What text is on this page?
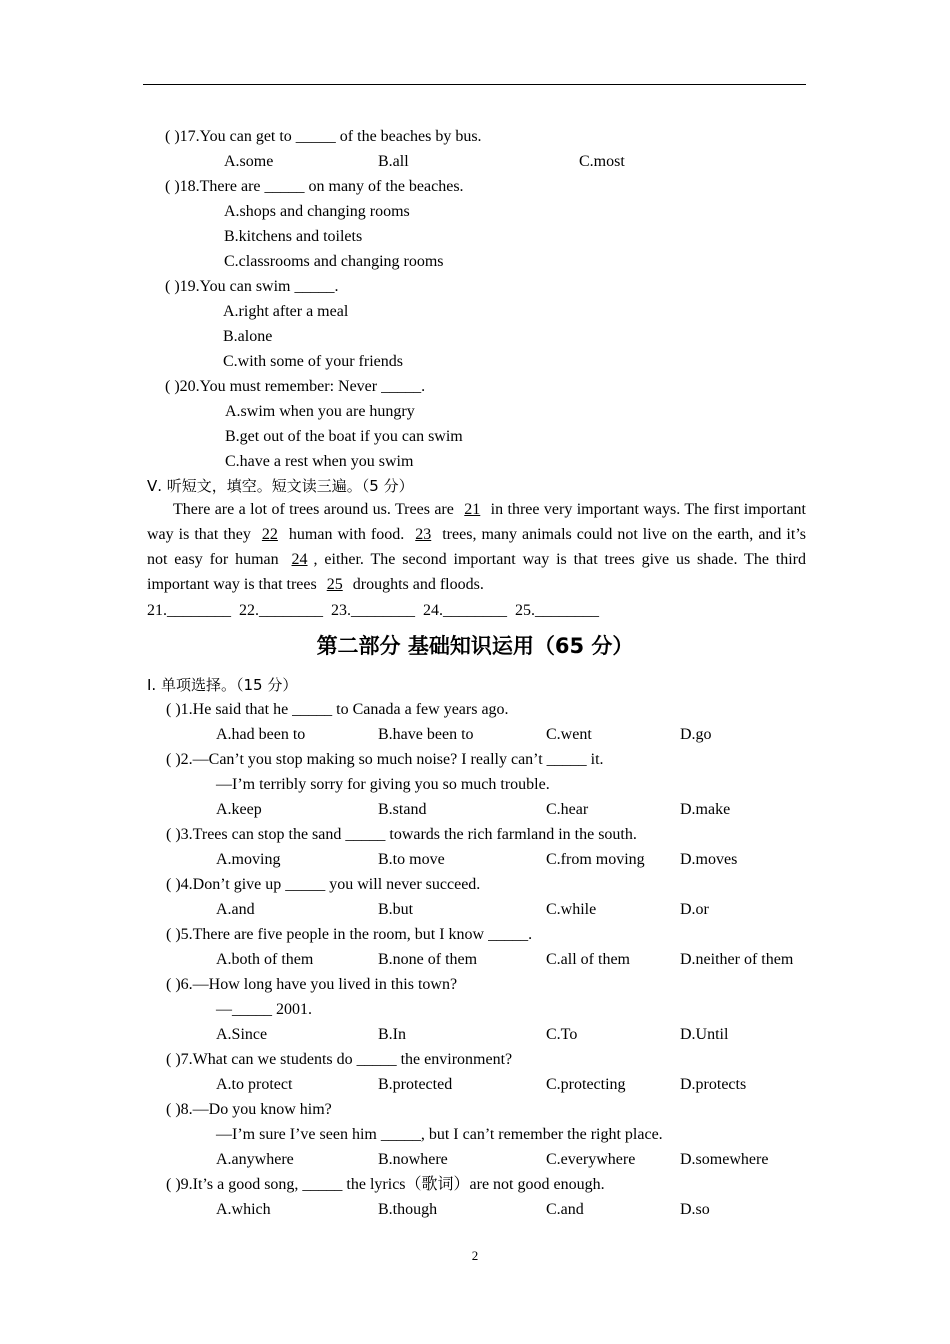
( )17.You can get to _____ of the beaches by bus.
A.some	B.all	C.most
( )18.There are _____ on many of the beaches.
A.shops and changing rooms
B.kitchens and toilets
C.classrooms and changing rooms
( )19.You can swim _____.
A.right after a meal
B.alone
C.with some of your friends
( )20.You must remember: Never _____.
A.swim when you are hungry
B.get out of the boat if you can swim
C.have a rest when you swim
Ⅴ. 听短文，填空。短文读三遍。（5 分）
There are a lot of trees around us. Trees are 21 in three very important ways. The first important way is that they 22 human with food. 23 trees, many animals could not live on the earth, and it’s not easy for human 24 , either. The second important way is that trees give us shade. The third important way is that trees 25 droughts and floods.
21.________  22.________  23.________  24.________  25.________
第二部分 基础知识运用（65 分）
Ⅰ. 单项选择。（15 分）
( )1.He said that he _____ to Canada a few years ago.
A.had been to	B.have been to	C.went	D.go
( )2.—Can’t you stop making so much noise? I really can’t _____ it.
—I’m terribly sorry for giving you so much trouble.
A.keep	B.stand	C.hear	D.make
( )3.Trees can stop the sand _____ towards the rich farmland in the south.
A.moving	B.to move	C.from moving D.moves
( )4.Don’t give up _____ you will never succeed.
A.and	B.but	C.while	D.or
( )5.There are five people in the room, but I know _____.
A.both of them	B.none of them	C.all of them	D.neither of them
( )6.—How long have you lived in this town?
—_____ 2001.
A.Since	B.In	C.To	D.Until
( )7.What can we students do _____ the environment?
A.to protect	B.protected	C.protecting	D.protects
( )8.—Do you know him?
—I’m sure I’ve seen him _____, but I can’t remember the right place.
A.anywhere	B.nowhere	C.everywhere	D.somewhere
( )9.It’s a good song, _____ the lyrics（歌词）are not good enough.
A.which	B.though	C.and	D.so
2
